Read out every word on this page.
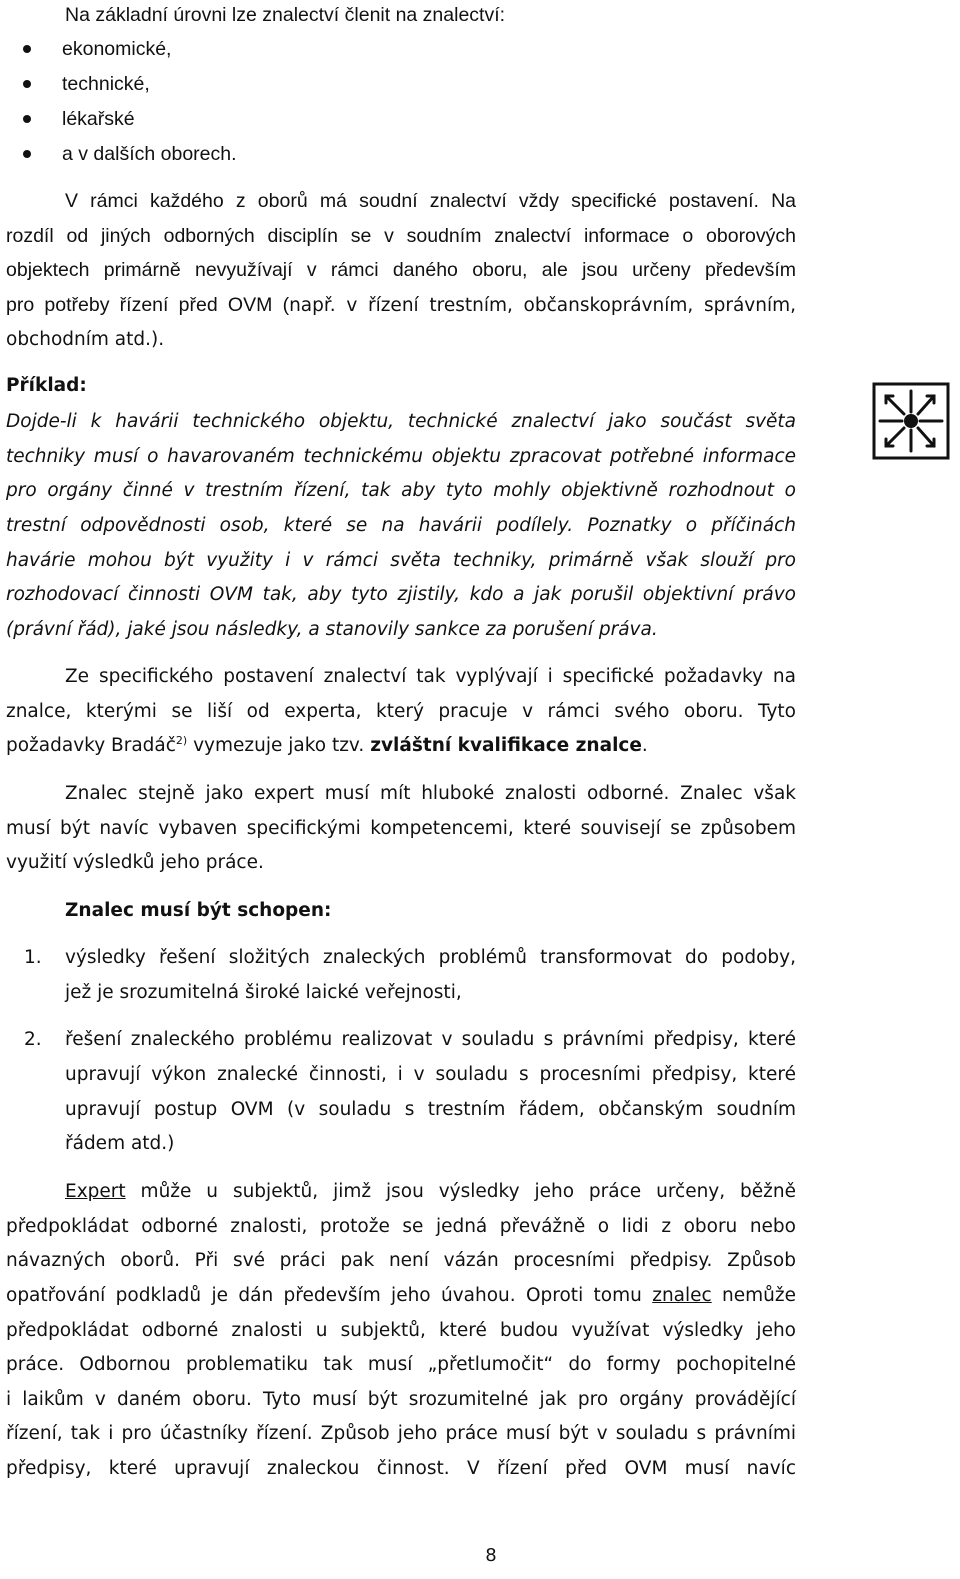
Na základní úrovni lze znalectví členit na znalectví:
ekonomické,
technické,
lékařské
a v dalších oborech.
V rámci každého z oborů má soudní znalectví vždy specifické postavení. Na
rozdíl od jiných odborných disciplín se v soudním znalectví informace o oborových
objektech primárně nevyužívají v rámci daného oboru, ale jsou určeny především
pro potřeby řízení před OVM (např. v řízení trestním, občanskoprávním, správním,
obchodním atd.).
Příklad:
Dojde-li k havárii technického objektu, technické znalectví jako součást světa
techniky musí o havarovaném technickému objektu zpracovat potřebné informace
pro orgány činné v trestním řízení, tak aby tyto mohly objektivně rozhodnout o
trestní odpovědnosti osob, které se na havárii podílely. Poznatky o příčinách
havárie mohou být využity i v rámci světa techniky, primárně však slouží pro
rozhodovací činnosti OVM tak, aby tyto zjistily, kdo a jak porušil objektivní právo
(právní řád), jaké jsou následky, a stanovily sankce za porušení práva.
Ze specifického postavení znalectví tak vyplývají i specifické požadavky na
znalce, kterými se liší od experta, který pracuje v rámci svého oboru. Tyto
požadavky Bradáč$^{2)}$ vymezuje jako tzv. zvláštní kvalifikace znalce.
Znalec stejně jako expert musí mít hluboké znalosti odborné. Znalec však
musí být navíc vybaven specifickými kompetencemi, které souvisejí se způsobem
využití výsledků jeho práce.
Znalec musí být schopen:
1. výsledky řešení složitých znaleckých problémů transformovat do podoby,
jež je srozumitelná široké laické veřejnosti,
2. řešení znaleckého problému realizovat v souladu s právními předpisy, které
upravují výkon znalecké činnosti, i v souladu s procesními předpisy, které
upravují postup OVM (v souladu s trestním řádem, občanským soudním
řádem atd.)
Expert může u subjektů, jimž jsou výsledky jeho práce určeny, běžně
předpokládat odborné znalosti, protože se jedná převážně o lidi z oboru nebo
návazných oborů. Při své práci pak není vázán procesními předpisy. Způsob
opatřování podkladů je dán především jeho úvahou. Oproti tomu znalec nemůže
předpokládat odborné znalosti u subjektů, které budou využívat výsledky jeho
práce. Odbornou problematiku tak musí „přetlumočit“ do formy pochopitelné
i laikům v daném oboru. Tyto musí být srozumitelné jak pro orgány provádějící
řízení, tak i pro účastníky řízení. Způsob jeho práce musí být v souladu s právními
předpisy, které upravují znaleckou činnost. V řízení před OVM musí navíc
8
